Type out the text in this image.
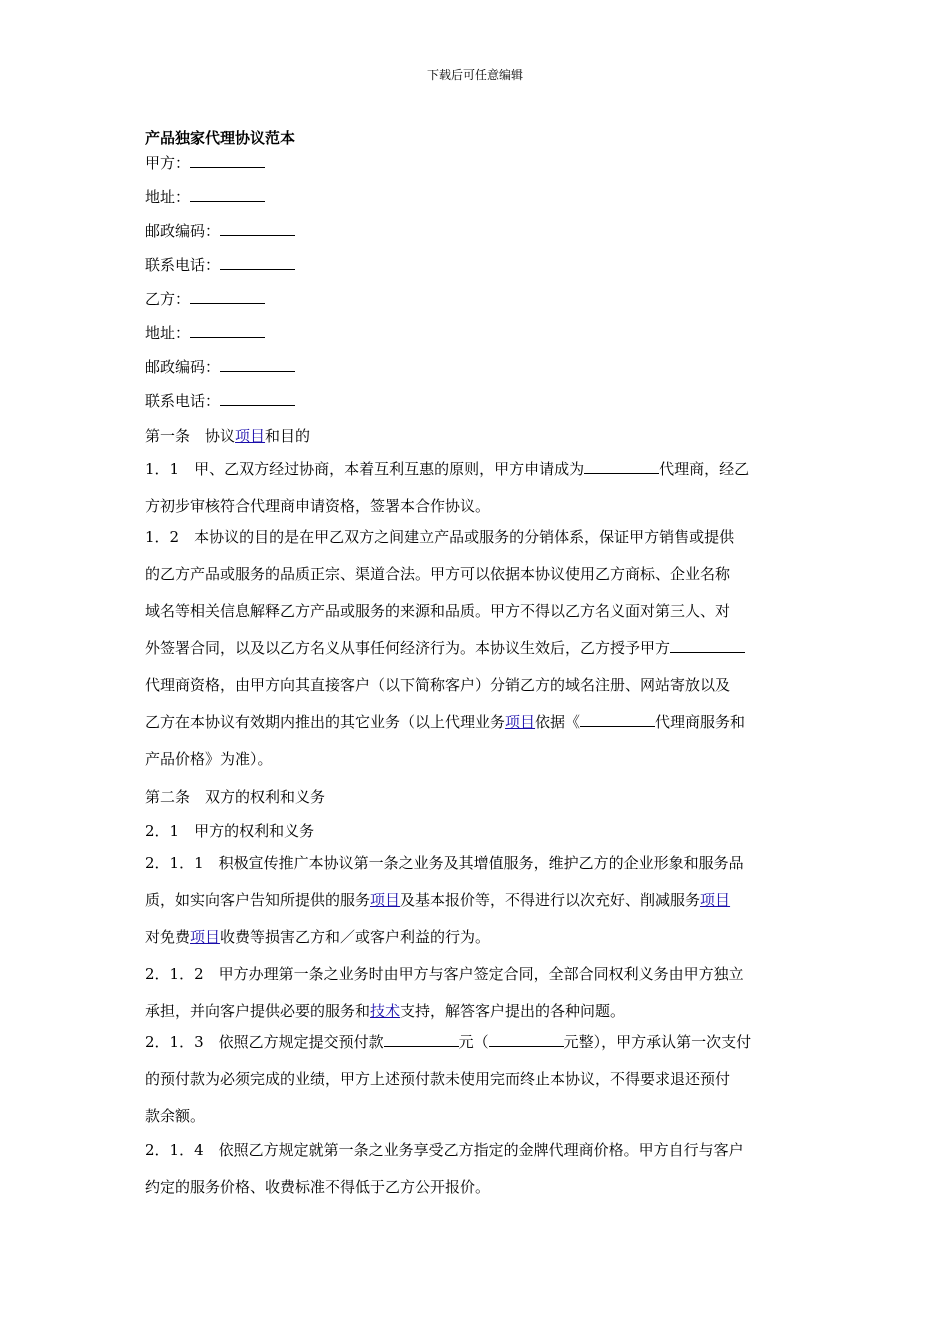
下载后可任意编辑
产品独家代理协议范本
甲方：
地址：
邮政编码：
联系电话：
乙方：
地址：
邮政编码：
联系电话：
第一条　协议项目和目的
1．1　甲、乙双方经过协商，本着互利互惠的原则，甲方申请成为	代理商，经乙
方初步审核符合代理商申请资格，签署本合作协议。
1．2　本协议的目的是在甲乙双方之间建立产品或服务的分销体系，保证甲方销售或提供
的乙方产品或服务的品质正宗、渠道合法。甲方可以依据本协议使用乙方商标、企业名称
域名等相关信息解释乙方产品或服务的来源和品质。甲方不得以乙方名义面对第三人、对
外签署合同，以及以乙方名义从事任何经济行为。本协议生效后，乙方授予甲方
代理商资格，由甲方向其直接客户（以下简称客户）分销乙方的域名注册、网站寄放以及
乙方在本协议有效期内推出的其它业务（以上代理业务项目依据《	代理商服务和
产品价格》为准）。
第二条　双方的权利和义务
2．1　甲方的权利和义务
2．1．1　积极宣传推广本协议第一条之业务及其增值服务，维护乙方的企业形象和服务品
质，如实向客户告知所提供的服务项目及基本报价等，不得进行以次充好、削减服务项目
对免费项目收费等损害乙方和／或客户利益的行为。
2．1．2　甲方办理第一条之业务时由甲方与客户签定合同，全部合同权利义务由甲方独立
承担，并向客户提供必要的服务和技术支持，解答客户提出的各种问题。
2．1．3　依照乙方规定提交预付款	元（	元整），甲方承认第一次支付
的预付款为必须完成的业绩，甲方上述预付款未使用完而终止本协议，不得要求退还预付
款余额。
2．1．4　依照乙方规定就第一条之业务享受乙方指定的金牌代理商价格。甲方自行与客户
约定的服务价格、收费标准不得低于乙方公开报价。
